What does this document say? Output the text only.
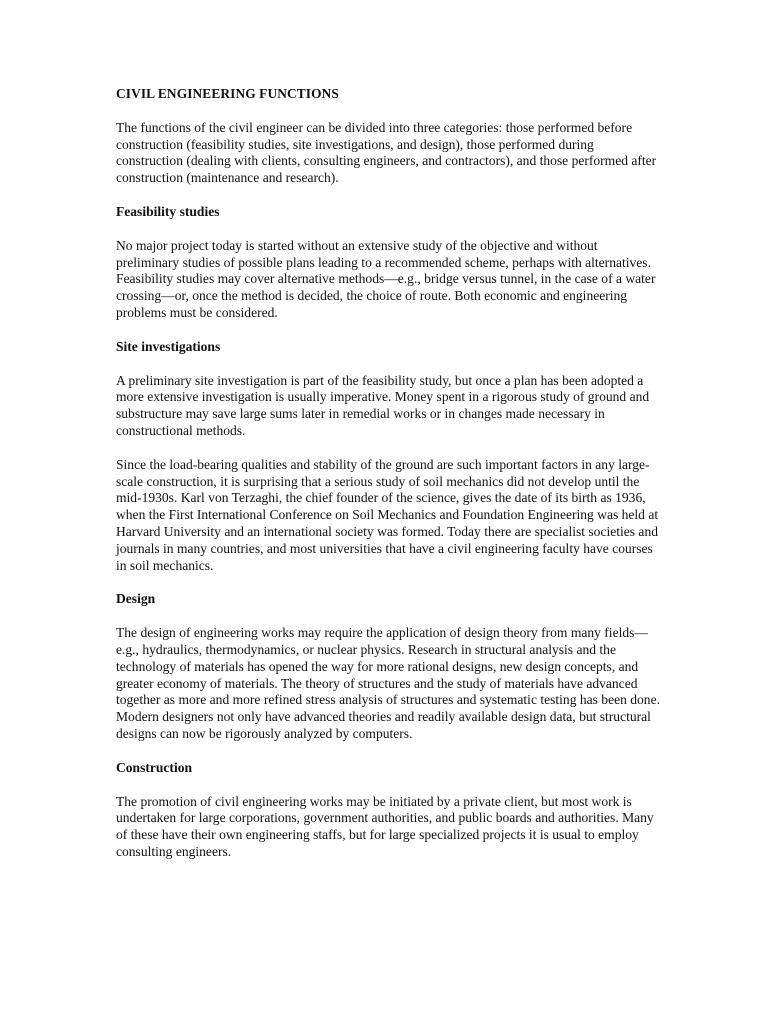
CIVIL ENGINEERING FUNCTIONS
The functions of the civil engineer can be divided into three categories: those performed before construction (feasibility studies, site investigations, and design), those performed during construction (dealing with clients, consulting engineers, and contractors), and those performed after construction (maintenance and research).
Feasibility studies
No major project today is started without an extensive study of the objective and without preliminary studies of possible plans leading to a recommended scheme, perhaps with alternatives. Feasibility studies may cover alternative methods—e.g., bridge versus tunnel, in the case of a water crossing—or, once the method is decided, the choice of route. Both economic and engineering problems must be considered.
Site investigations
A preliminary site investigation is part of the feasibility study, but once a plan has been adopted a more extensive investigation is usually imperative. Money spent in a rigorous study of ground and substructure may save large sums later in remedial works or in changes made necessary in constructional methods.
Since the load-bearing qualities and stability of the ground are such important factors in any large-scale construction, it is surprising that a serious study of soil mechanics did not develop until the mid-1930s. Karl von Terzaghi, the chief founder of the science, gives the date of its birth as 1936, when the First International Conference on Soil Mechanics and Foundation Engineering was held at Harvard University and an international society was formed. Today there are specialist societies and journals in many countries, and most universities that have a civil engineering faculty have courses in soil mechanics.
Design
The design of engineering works may require the application of design theory from many fields—e.g., hydraulics, thermodynamics, or nuclear physics. Research in structural analysis and the technology of materials has opened the way for more rational designs, new design concepts, and greater economy of materials. The theory of structures and the study of materials have advanced together as more and more refined stress analysis of structures and systematic testing has been done. Modern designers not only have advanced theories and readily available design data, but structural designs can now be rigorously analyzed by computers.
Construction
The promotion of civil engineering works may be initiated by a private client, but most work is undertaken for large corporations, government authorities, and public boards and authorities. Many of these have their own engineering staffs, but for large specialized projects it is usual to employ consulting engineers.
